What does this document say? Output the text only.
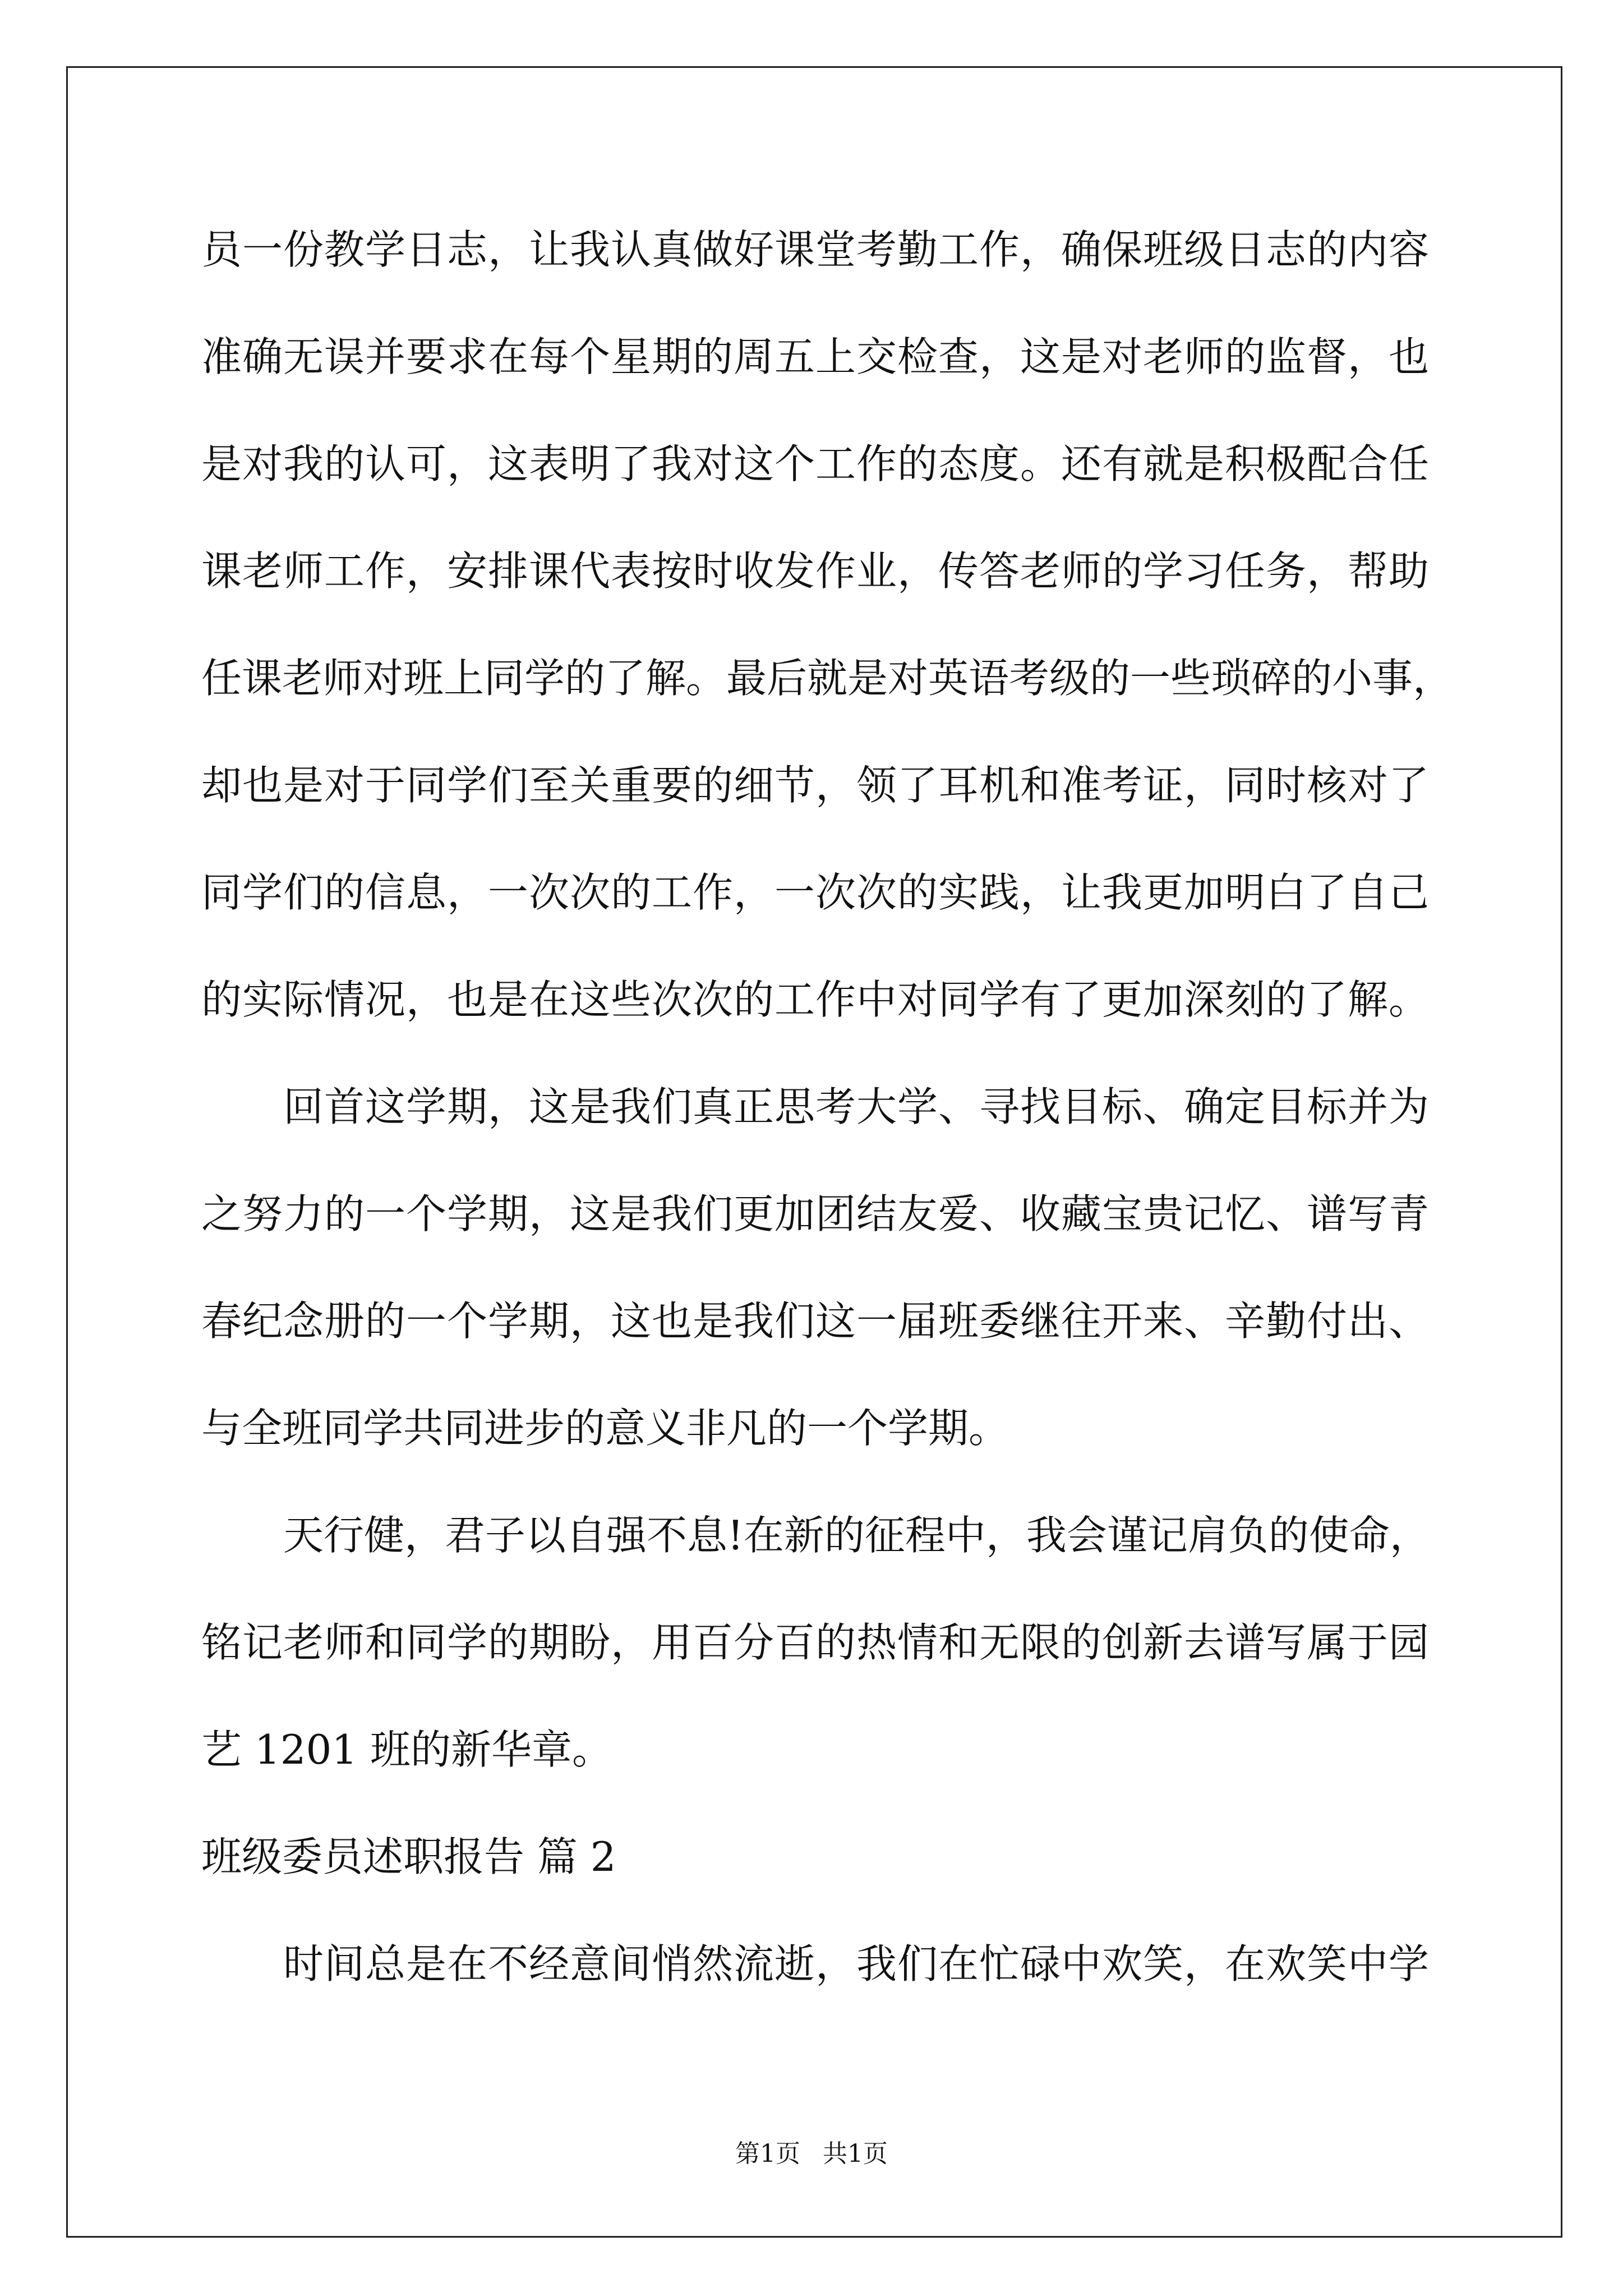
员一份教学日志，让我认真做好课堂考勤工作，确保班级日志的内容
准确无误并要求在每个星期的周五上交检查，这是对老师的监督，也
是对我的认可，这表明了我对这个工作的态度。还有就是积极配合任
课老师工作，安排课代表按时收发作业，传答老师的学习任务，帮助
任课老师对班上同学的了解。最后就是对英语考级的一些琐碎的小事，
却也是对于同学们至关重要的细节，领了耳机和准考证，同时核对了
同学们的信息，一次次的工作，一次次的实践，让我更加明白了自己
的实际情况，也是在这些次次的工作中对同学有了更加深刻的了解。
回首这学期，这是我们真正思考大学、寻找目标、确定目标并为
之努力的一个学期，这是我们更加团结友爱、收藏宝贵记忆、谱写青
春纪念册的一个学期，这也是我们这一届班委继往开来、辛勤付出、
与全班同学共同进步的意义非凡的一个学期。
天行健，君子以自强不息!在新的征程中，我会谨记肩负的使命，
铭记老师和同学的期盼，用百分百的热情和无限的创新去谱写属于园
艺 1201 班的新华章。
班级委员述职报告 篇 2
时间总是在不经意间悄然流逝，我们在忙碌中欢笑，在欢笑中学
第1页 共1页
